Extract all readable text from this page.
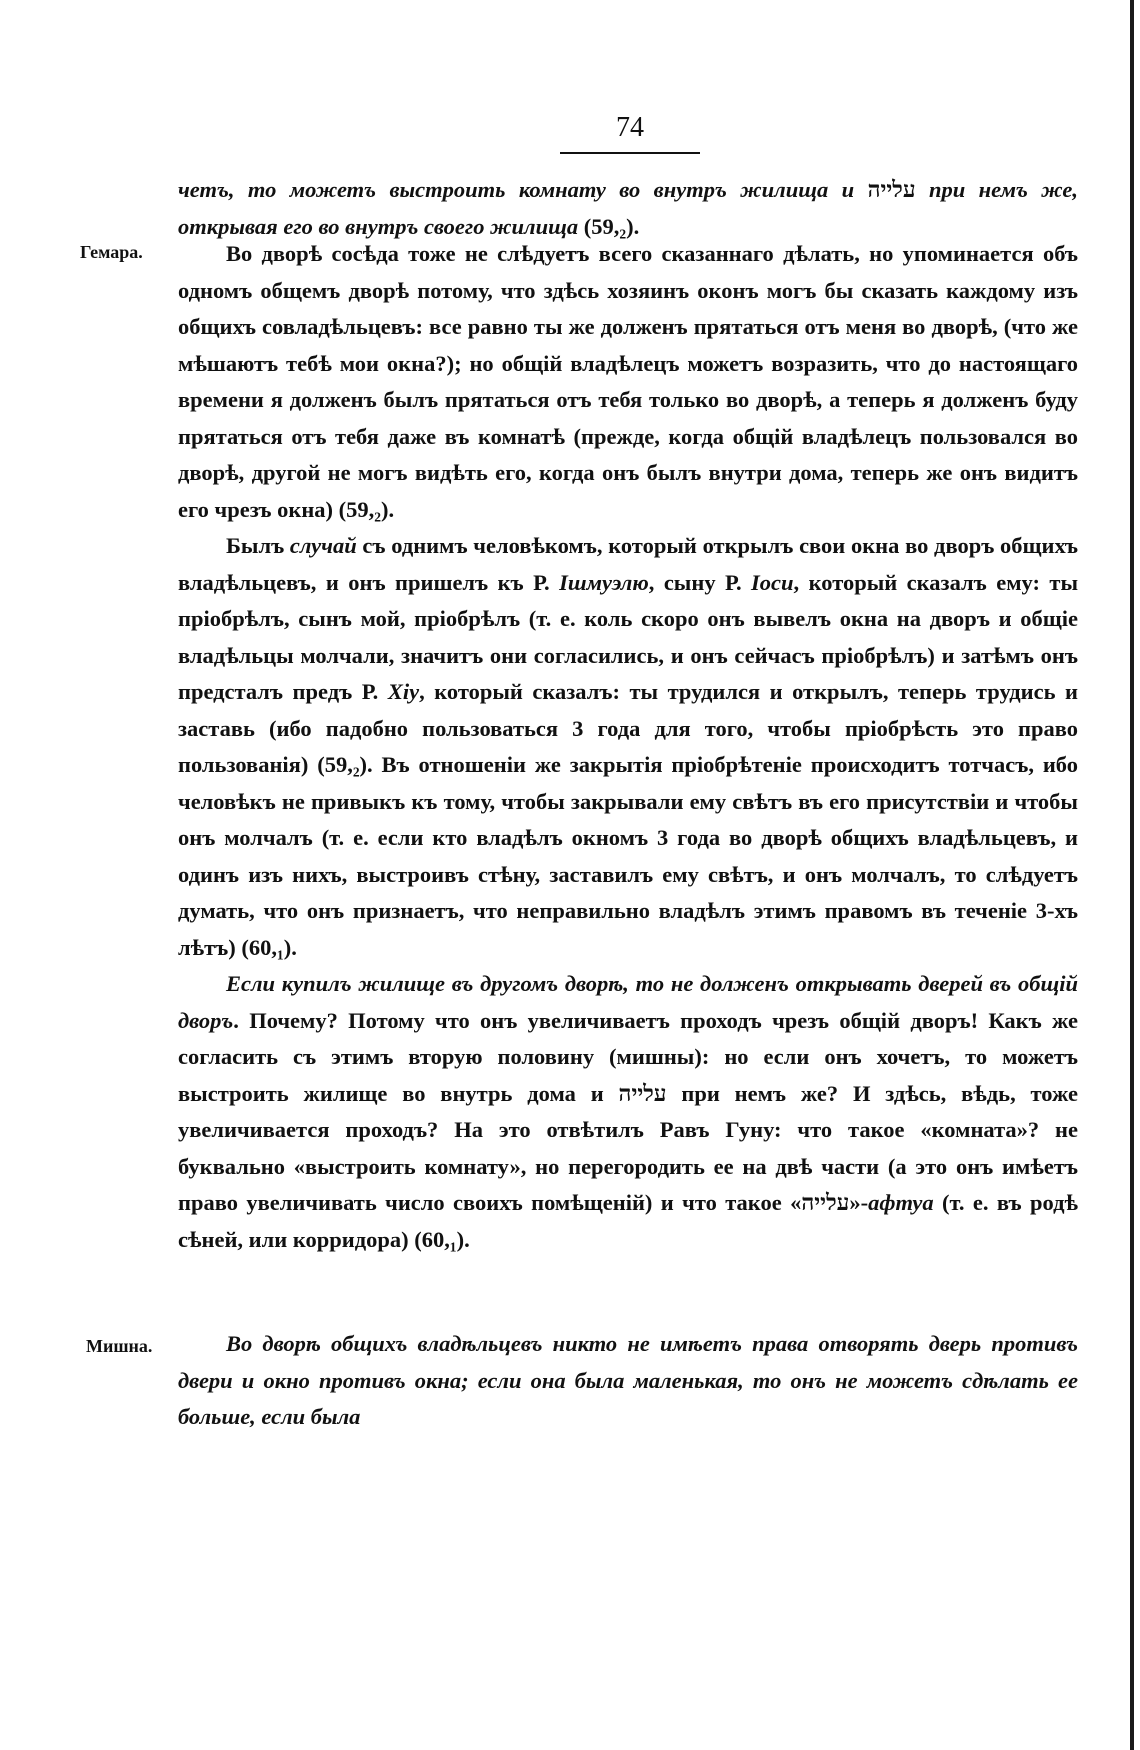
74

четъ, то можетъ выстроить комнату во внутръ жилища и עלייה при немъ же, открывая его во внутръ своего жилища (59,₂).

Гемара.	Во дворѣ сосѣда тоже не слѣдуетъ всего сказаннаго дѣлать, но упоминается объ одномъ общемъ дворѣ потому, что здѣсь хозяинъ оконъ могъ бы сказать каждому изъ общихъ совладѣльцевъ: все равно ты же долженъ прятаться отъ меня во дворѣ, (что же мѣшаютъ тебѣ мои окна?); но общій владѣлецъ можетъ возразить, что до настоящаго времени я долженъ былъ прятаться отъ тебя только во дворѣ, а теперь я долженъ буду прятаться отъ тебя даже въ комнатѣ (прежде, когда общій владѣлецъ пользовался во дворѣ, другой не могъ видѣть его, когда онъ былъ внутри дома, теперь же онъ видитъ его чрезъ окна) (59,₂).

Былъ случай съ однимъ человѣкомъ, который открылъ свои окна во дворъ общихъ владѣльцевъ, и онъ пришелъ къ Р. Ішмуэлю, сыну Р. Іоси, который сказалъ ему: ты пріобрѣлъ, сынъ мой, пріобрѣлъ (т. е. коль скоро онъ вывелъ окна на дворъ и общіе владѣльцы молчали, значитъ они согласились, и онъ сейчасъ пріобрѣлъ) и затѣмъ онъ предсталъ предъ Р. Хіу, который сказалъ: ты трудился и открылъ, теперь трудись и заставь (ибо падобно пользоваться 3 года для того, чтобы пріобрѣсть это право пользованія) (59,₂). Въ отношеніи же закрытія пріобрѣтеніе происходитъ тотчасъ, ибо человѣкъ не привыкъ къ тому, чтобы закрывали ему свѣтъ въ его присутствіи и чтобы онъ молчалъ (т. е. если кто владѣлъ окномъ 3 года во дворѣ общихъ владѣльцевъ, и одинъ изъ нихъ, выстроивъ стѣну, заставилъ ему свѣтъ, и онъ молчалъ, то слѣдуетъ думать, что онъ признаетъ, что неправильно владѣлъ этимъ правомъ въ теченіе 3-хъ лѣтъ) (60,₁).

Если купилъ жилище въ другомъ дворѣ, то не долженъ открывать дверей въ общій дворъ. Почему? Потому что онъ увеличиваетъ проходъ чрезъ общій дворъ! Какъ же согласить съ этимъ вторую половину (мишны): но если онъ хочетъ, то можетъ выстроить жилище во внутрь дома и עלייה при немъ же? И здѣсь, вѣдь, тоже увеличивается проходъ? На это отвѣтилъ Равъ Гуну: что такое «комната»? не буквально «выстроить комнату», но перегородить ее на двѣ части (а это онъ имѣетъ право увеличивать число своихъ помѣщеній) и что такое «עלייה»-афтуа (т. е. въ родѣ сѣней, или корридора) (60,₁).

Мишна.	Во дворѣ общихъ владѣльцевъ никто не имѣетъ права отворять дверь противъ двери и окно противъ окна; если она была маленькая, то онъ не можетъ сдѣлать ее больше, если была
